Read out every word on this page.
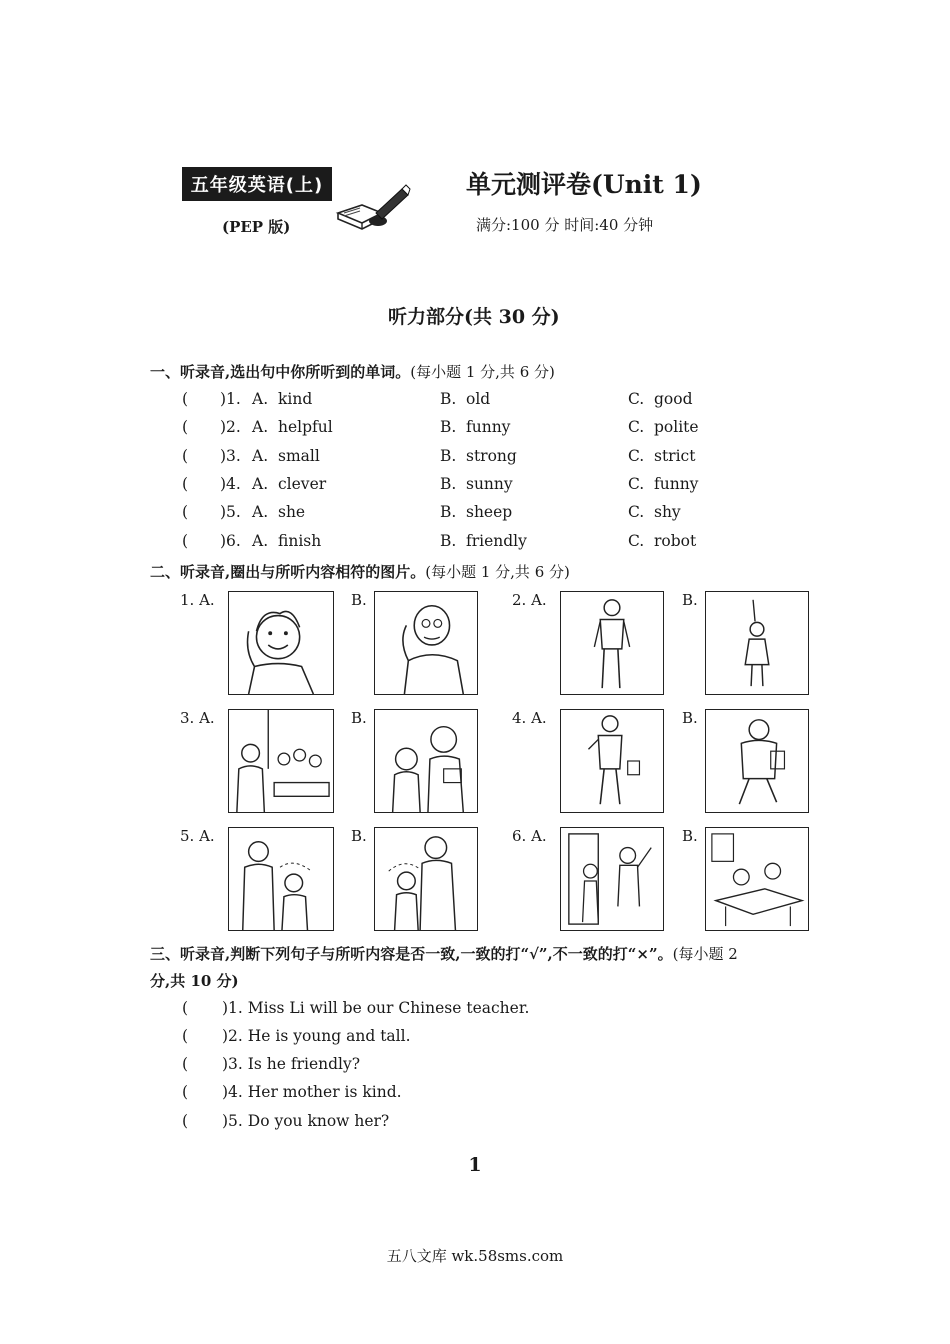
五年级英语(上)
(PEP 版)
单元测评卷(Unit 1)
满分:100 分 时间:40 分钟
听力部分(共 30 分)
一、听录音,选出句中你所听到的单词。(每小题 1 分,共 6 分)
( )1. A. kind	B. old	C. good
( )2. A. helpful	B. funny	C. polite
( )3. A. small	B. strong	C. strict
( )4. A. clever	B. sunny	C. funny
( )5. A. she	B. sheep	C. shy
( )6. A. finish	B. friendly	C. robot
二、听录音,圈出与所听内容相符的图片。(每小题 1 分,共 6 分)
1. A.	B.	2. A.	B.
3. A.	B.	4. A.	B.
5. A.	B.	6. A.	B.
三、听录音,判断下列句子与所听内容是否一致,一致的打“√”,不一致的打“×”。(每小题 2
分,共 10 分)
( )1. Miss Li will be our Chinese teacher.
( )2. He is young and tall.
( )3. Is he friendly?
( )4. Her mother is kind.
( )5. Do you know her?
1
五八文库 wk.58sms.com
